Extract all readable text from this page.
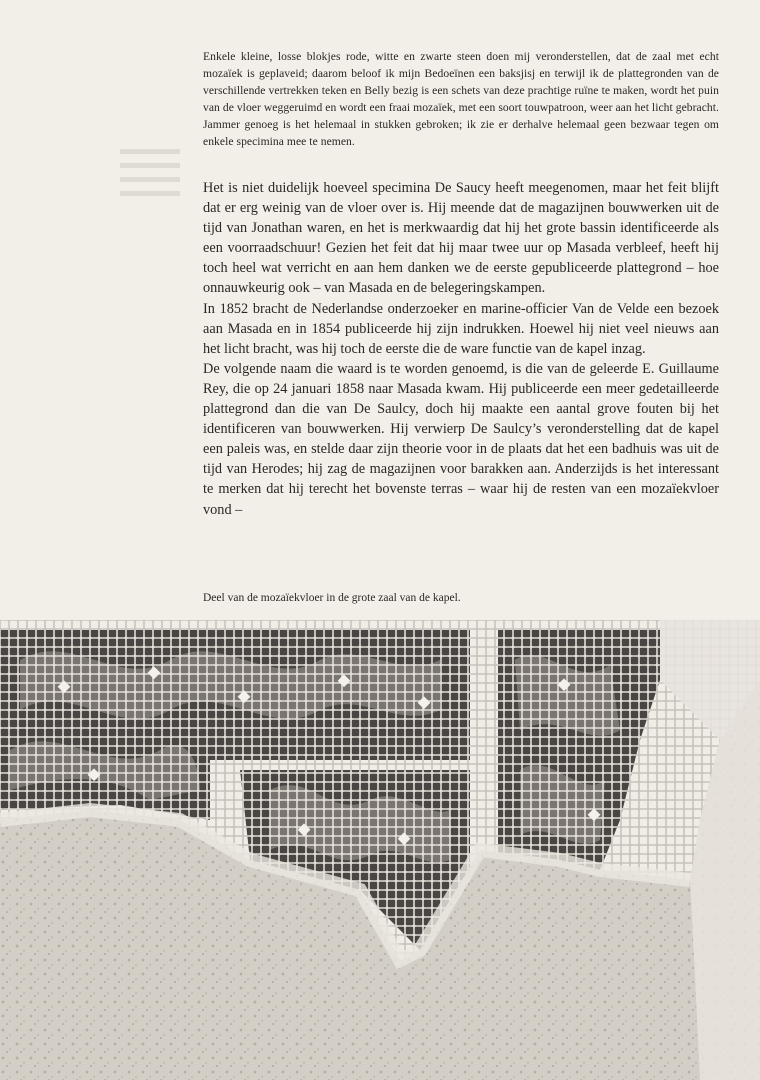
Enkele kleine, losse blokjes rode, witte en zwarte steen doen mij veronderstellen, dat de zaal met echt mozaïek is geplaveid; daarom beloof ik mijn Bedoeïnen een baksjisj en terwijl ik de plattegronden van de verschillende vertrekken teken en Belly bezig is een schets van deze prachtige ruïne te maken, wordt het puin van de vloer weggeruimd en wordt een fraai mozaïek, met een soort touwpatroon, weer aan het licht gebracht. Jammer genoeg is het helemaal in stukken gebroken; ik zie er derhalve helemaal geen bezwaar tegen om enkele specimina mee te nemen.

Het is niet duidelijk hoeveel specimina De Saucy heeft meegenomen, maar het feit blijft dat er erg weinig van de vloer over is. Hij meende dat de magazijnen bouwwerken uit de tijd van Jonathan waren, en het is merkwaardig dat hij het grote bassin identificeerde als een voorraadschuur! Gezien het feit dat hij maar twee uur op Masada verbleef, heeft hij toch heel wat verricht en aan hem danken we de eerste gepubliceerde plattegrond – hoe onnauwkeurig ook – van Masada en de belegeringskampen.

In 1852 bracht de Nederlandse onderzoeker en marine-officier Van de Velde een bezoek aan Masada en in 1854 publiceerde hij zijn indrukken. Hoewel hij niet veel nieuws aan het licht bracht, was hij toch de eerste die de ware functie van de kapel inzag.

De volgende naam die waard is te worden genoemd, is die van de geleerde E. Guillaume Rey, die op 24 januari 1858 naar Masada kwam. Hij publiceerde een meer gedetailleerde plattegrond dan die van De Saulcy, doch hij maakte een aantal grove fouten bij het identificeren van bouwwerken. Hij verwierp De Saulcy’s veronderstelling dat de kapel een paleis was, en stelde daar zijn theorie voor in de plaats dat het een badhuis was uit de tijd van Herodes; hij zag de magazijnen voor barakken aan. Anderzijds is het interessant te merken dat hij terecht het bovenste terras – waar hij de resten van een mozaïekvloer vond –

Deel van de mozaïekvloer in de grote zaal van de kapel.
